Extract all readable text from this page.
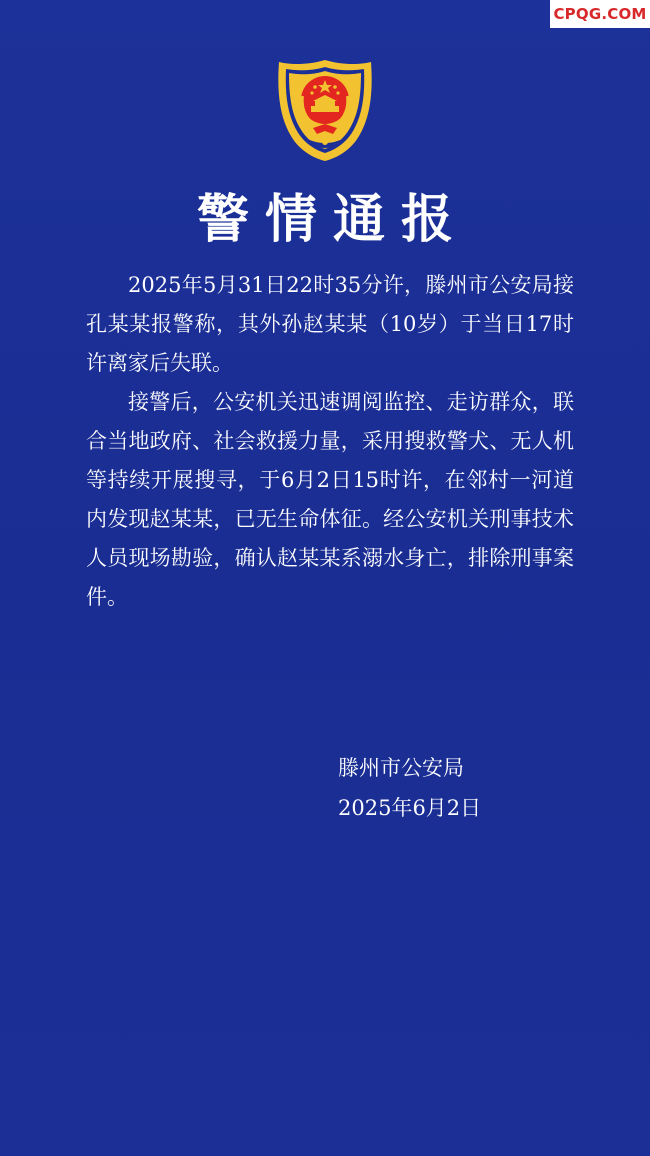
CPQG.COM
警情通报

2025年5月31日22时35分许，滕州市公安局接孔某某报警称，其外孙赵某某（10岁）于当日17时许离家后失联。

接警后，公安机关迅速调阅监控、走访群众，联合当地政府、社会救援力量，采用搜救警犬、无人机等持续开展搜寻，于6月2日15时许，在邻村一河道内发现赵某某，已无生命体征。经公安机关刑事技术人员现场勘验，确认赵某某系溺水身亡，排除刑事案件。

滕州市公安局
2025年6月2日
